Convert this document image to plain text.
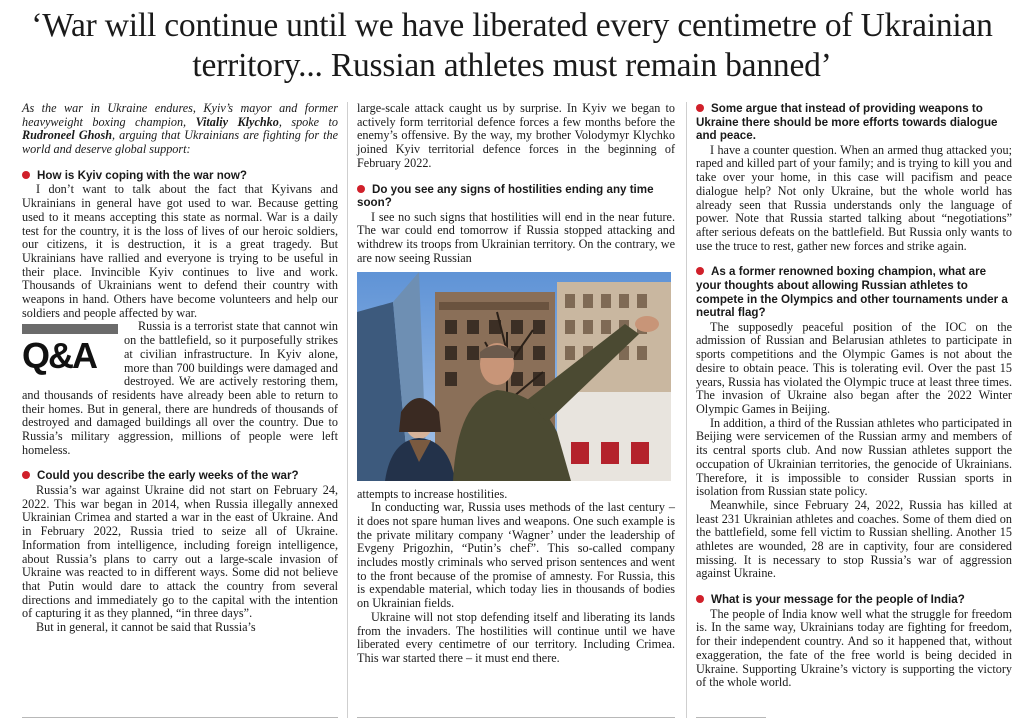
‘War will continue until we have liberated every centimetre of Ukrainian territory... Russian athletes must remain banned’

As the war in Ukraine endures, Kyiv’s mayor and former heavyweight boxing champion, Vitaliy Klychko, spoke to Rudroneel Ghosh, arguing that Ukrainians are fighting for the world and deserve global support:

How is Kyiv coping with the war now?

I don’t want to talk about the fact that Kyivans and Ukrainians in general have got used to war. Because getting used to it means accepting this state as normal. War is a daily test for the country, it is the loss of lives of our heroic soldiers, our citizens, it is destruction, it is a great tragedy. But Ukrainians have rallied and everyone is trying to be useful in their place. Invincible Kyiv continues to live and work. Thousands of Ukrainians went to defend their country with weapons in hand. Others have become volunteers and help our soldiers and people affected by war.

Q&A

Russia is a terrorist state that cannot win on the battlefield, so it purposefully strikes at civilian infrastructure. In Kyiv alone, more than 700 buildings were damaged and destroyed. We are actively restoring them, and thousands of residents have already been able to return to their homes. But in general, there are hundreds of thousands of destroyed and damaged buildings all over the country. Due to Russia’s military aggression, millions of people were left homeless.

Could you describe the early weeks of the war?

Russia’s war against Ukraine did not start on February 24, 2022. This war began in 2014, when Russia illegally annexed Ukrainian Crimea and started a war in the east of Ukraine. And in February 2022, Russia tried to seize all of Ukraine. Information from intelligence, including foreign intelligence, about Russia’s plans to carry out a large-scale invasion of Ukraine was reacted to in different ways. Some did not believe that Putin would dare to attack the country from several directions and immediately go to the capital with the intention of capturing it as they planned, “in three days”.

But in general, it cannot be said that Russia’s

large-scale attack caught us by surprise. In Kyiv we began to actively form territorial defence forces a few months before the enemy’s offensive. By the way, my brother Volodymyr Klychko joined Kyiv territorial defence forces in the beginning of February 2022.

Do you see any signs of hostilities ending any time soon?

I see no such signs that hostilities will end in the near future. The war could end tomorrow if Russia stopped attacking and withdrew its troops from Ukrainian territory. On the contrary, we are now seeing Russian

attempts to increase hostilities.

In conducting war, Russia uses methods of the last century – it does not spare human lives and weapons. One such example is the private military company ‘Wagner’ under the leadership of Evgeny Prigozhin, “Putin’s chef”. This so-called company includes mostly criminals who served prison sentences and went to the front because of the promise of amnesty. For Russia, this is expendable material, which today lies in thousands of bodies on Ukrainian fields.

Ukraine will not stop defending itself and liberating its lands from the invaders. The hostilities will continue until we have liberated every centimetre of our territory. Including Crimea. This war started there – it must end there.

Some argue that instead of providing weapons to Ukraine there should be more efforts towards dialogue and peace.

I have a counter question. When an armed thug attacked you; raped and killed part of your family; and is trying to kill you and take over your home, in this case will pacifism and peace dialogue help? Not only Ukraine, but the whole world has already seen that Russia understands only the language of power. Note that Russia started talking about “negotiations” after serious defeats on the battlefield. But Russia only wants to use the truce to rest, gather new forces and strike again.

As a former renowned boxing champion, what are your thoughts about allowing Russian athletes to compete in the Olympics and other tournaments under a neutral flag?

The supposedly peaceful position of the IOC on the admission of Russian and Belarusian athletes to participate in sports competitions and the Olympic Games is not about the desire to obtain peace. This is tolerating evil. Over the past 15 years, Russia has violated the Olympic truce at least three times. The invasion of Ukraine also began after the 2022 Winter Olympic Games in Beijing.

In addition, a third of the Russian athletes who participated in Beijing were servicemen of the Russian army and members of its central sports club. And now Russian athletes support the occupation of Ukrainian territories, the genocide of Ukrainians. Therefore, it is impossible to consider Russian sports in isolation from Russian state policy.

Meanwhile, since February 24, 2022, Russia has killed at least 231 Ukrainian athletes and coaches. Some of them died on the battlefield, some fell victim to Russian shelling. Another 15 athletes are wounded, 28 are in captivity, four are considered missing. It is necessary to stop Russia’s war of aggression against Ukraine.

What is your message for the people of India?

The people of India know well what the struggle for freedom is. In the same way, Ukrainians today are fighting for freedom, for their independent country. And so it happened that, without exaggeration, the fate of the free world is being decided in Ukraine. Supporting Ukraine’s victory is supporting the victory of the whole world.
